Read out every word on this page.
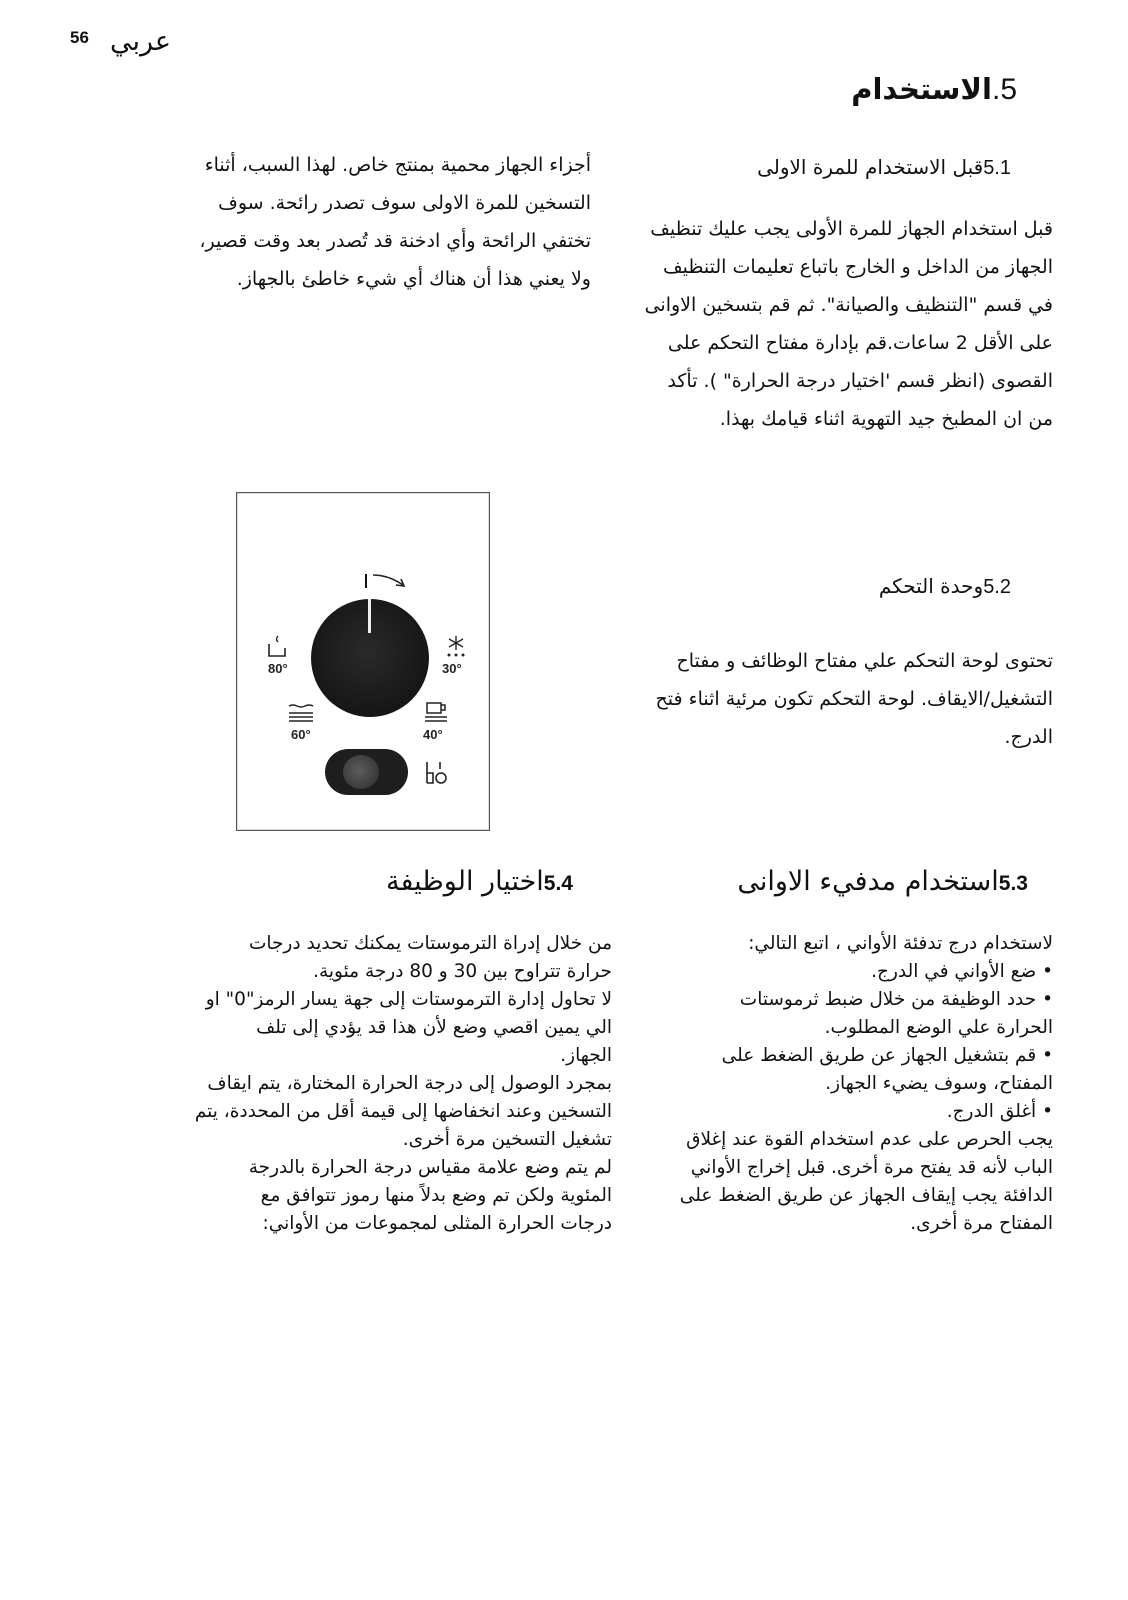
56 عربي
5.الاستخدام
5.1قبل الاستخدام للمرة الاولى
قبل استخدام الجهاز للمرة الأولى يجب عليك تنظيف
الجهاز من الداخل و الخارج باتباع تعليمات التنظيف
في قسم "التنظيف والصيانة". ثم قم بتسخين الاوانى
على الأقل 2 ساعات.قم بإدارة مفتاح التحكم على
القصوى (انظر قسم 'اختيار درجة الحرارة" ). تأكد
من ان المطبخ جيد التهوية اثناء قيامك بهذا.
أجزاء الجهاز محمية بمنتج خاص. لهذا السبب، أثناء
التسخين للمرة الاولى سوف تصدر رائحة. سوف
تختفي الرائحة وأي ادخنة قد تُصدر بعد وقت قصير،
ولا يعني هذا أن هناك أي شيء خاطئ بالجهاز.
5.2وحدة التحكم
تحتوى لوحة التحكم علي مفتاح الوظائف و مفتاح
التشغيل/الايقاف. لوحة التحكم تكون مرئية اثناء فتح
الدرج.
80°	30°
60°	40°
5.3استخدام مدفيء الاوانى
لاستخدام درج تدفئة الأواني ، اتبع التالي:
• ضع الأواني في الدرج.
• حدد الوظيفة من خلال ضبط ثرموستات
الحرارة علي الوضع المطلوب.
• قم بتشغيل الجهاز عن طريق الضغط على
المفتاح، وسوف يضيء الجهاز.
• أغلق الدرج.
يجب الحرص على عدم استخدام القوة عند إغلاق
الباب لأنه قد يفتح مرة أخرى. قبل إخراج الأواني
الدافئة يجب إيقاف الجهاز عن طريق الضغط على
المفتاح مرة أخرى.
5.4اختيار الوظيفة
من خلال إدراة الترموستات يمكنك تحديد درجات
حرارة تتراوح بين 30 و 80 درجة مئوية.
لا تحاول إدارة الترموستات إلى جهة يسار الرمز"0" او
الي يمين اقصي وضع لأن هذا قد يؤدي إلى تلف
الجهاز.
بمجرد الوصول إلى درجة الحرارة المختارة، يتم ايقاف
التسخين وعند انخفاضها إلى قيمة أقل من المحددة، يتم
تشغيل التسخين مرة أخرى.
لم يتم وضع علامة مقياس درجة الحرارة بالدرجة
المئوية ولكن تم وضع بدلاً منها رموز تتوافق مع
درجات الحرارة المثلى لمجموعات من الأواني:
